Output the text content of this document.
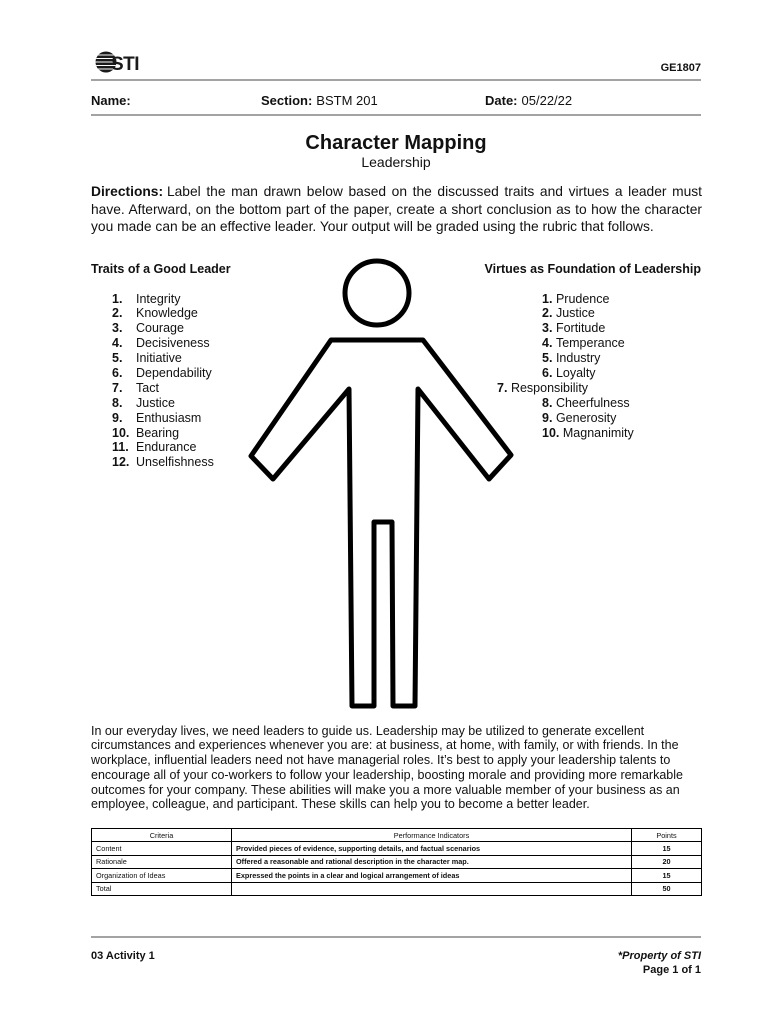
STI	GE1807
Name:	Section: BSTM 201	Date: 05/22/22
Character Mapping
Leadership
Directions: Label the man drawn below based on the discussed traits and virtues a leader must have. Afterward, on the bottom part of the paper, create a short conclusion as to how the character you made can be an effective leader. Your output will be graded using the rubric that follows.
Traits of a Good Leader	Virtues as Foundation of Leadership
1.	Integrity
2.	Knowledge
3.	Courage
4.	Decisiveness
5.	Initiative
6.	Dependability
7.	Tact
8.	Justice
9.	Enthusiasm
10. Bearing
11. Endurance
12. Unselfishness
1. Prudence
2. Justice
3. Fortitude
4. Temperance
5. Industry
6. Loyalty
7. Responsibility
8. Cheerfulness
9. Generosity
10. Magnanimity
In our everyday lives, we need leaders to guide us. Leadership may be utilized to generate excellent circumstances and experiences whenever you are: at business, at home, with family, or with friends. In the workplace, influential leaders need not have managerial roles. It’s best to apply your leadership talents to encourage all of your co-workers to follow your leadership, boosting morale and providing more remarkable outcomes for your company. These abilities will make you a more valuable member of your business as an employee, colleague, and participant. These skills can help you to become a better leader.
Criteria	Performance Indicators	Points
Content	Provided pieces of evidence, supporting details, and factual scenarios	15
Rationale	Offered a reasonable and rational description in the character map.	20
Organization of Ideas	Expressed the points in a clear and logical arrangement of ideas	15
Total		50
03 Activity 1	*Property of STI
Page 1 of 1
